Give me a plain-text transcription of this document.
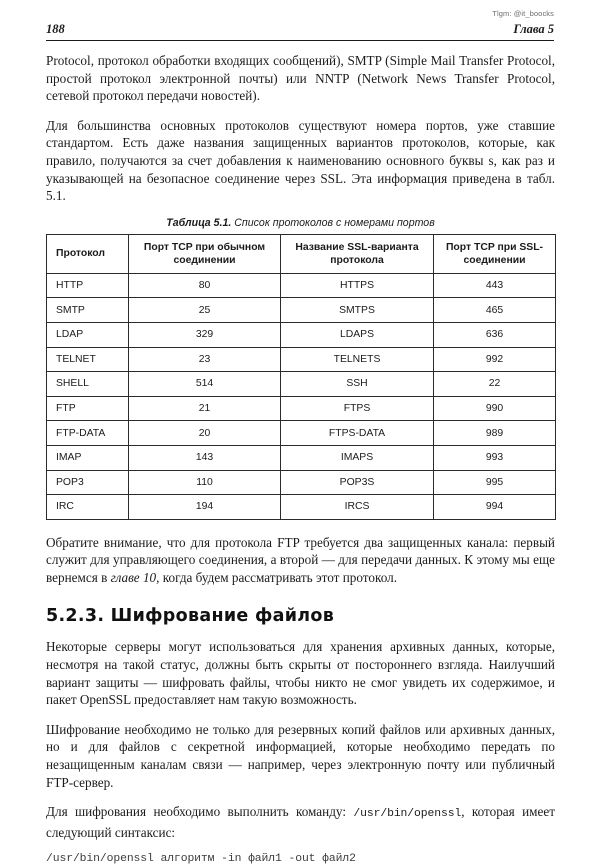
Tlgm: @it_boocks
188	Глава 5

Protocol, протокол обработки входящих сообщений), SMTP (Simple Mail Transfer Protocol, простой протокол электронной почты) или NNTP (Network News Transfer Protocol, сетевой протокол передачи новостей).

Для большинства основных протоколов существуют номера портов, уже ставшие стандартом. Есть даже названия защищенных вариантов протоколов, которые, как правило, получаются за счет добавления к наименованию основного буквы s, как раз и указывающей на безопасное соединение через SSL. Эта информация приведена в табл. 5.1.

Таблица 5.1. Список протоколов с номерами портов
Протокол	Порт TCP при обычном соединении	Название SSL-варианта протокола	Порт TCP при SSL-соединении
HTTP	80	HTTPS	443
SMTP	25	SMTPS	465
LDAP	329	LDAPS	636
TELNET	23	TELNETS	992
SHELL	514	SSH	22
FTP	21	FTPS	990
FTP-DATA	20	FTPS-DATA	989
IMAP	143	IMAPS	993
POP3	110	POP3S	995
IRC	194	IRCS	994

Обратите внимание, что для протокола FTP требуется два защищенных канала: первый служит для управляющего соединения, а второй — для передачи данных. К этому мы еще вернемся в главе 10, когда будем рассматривать этот протокол.

5.2.3. Шифрование файлов

Некоторые серверы могут использоваться для хранения архивных данных, которые, несмотря на такой статус, должны быть скрыты от постороннего взгляда. Наилучший вариант защиты — шифровать файлы, чтобы никто не смог увидеть их содержимое, и пакет OpenSSL предоставляет нам такую возможность.

Шифрование необходимо не только для резервных копий файлов или архивных данных, но и для файлов с секретной информацией, которые необходимо передать по незащищенным каналам связи — например, через электронную почту или публичный FTP-сервер.

Для шифрования необходимо выполнить команду: /usr/bin/openssl, которая имеет следующий синтаксис:

/usr/bin/openssl алгоритм -in файл1 -out файл2
